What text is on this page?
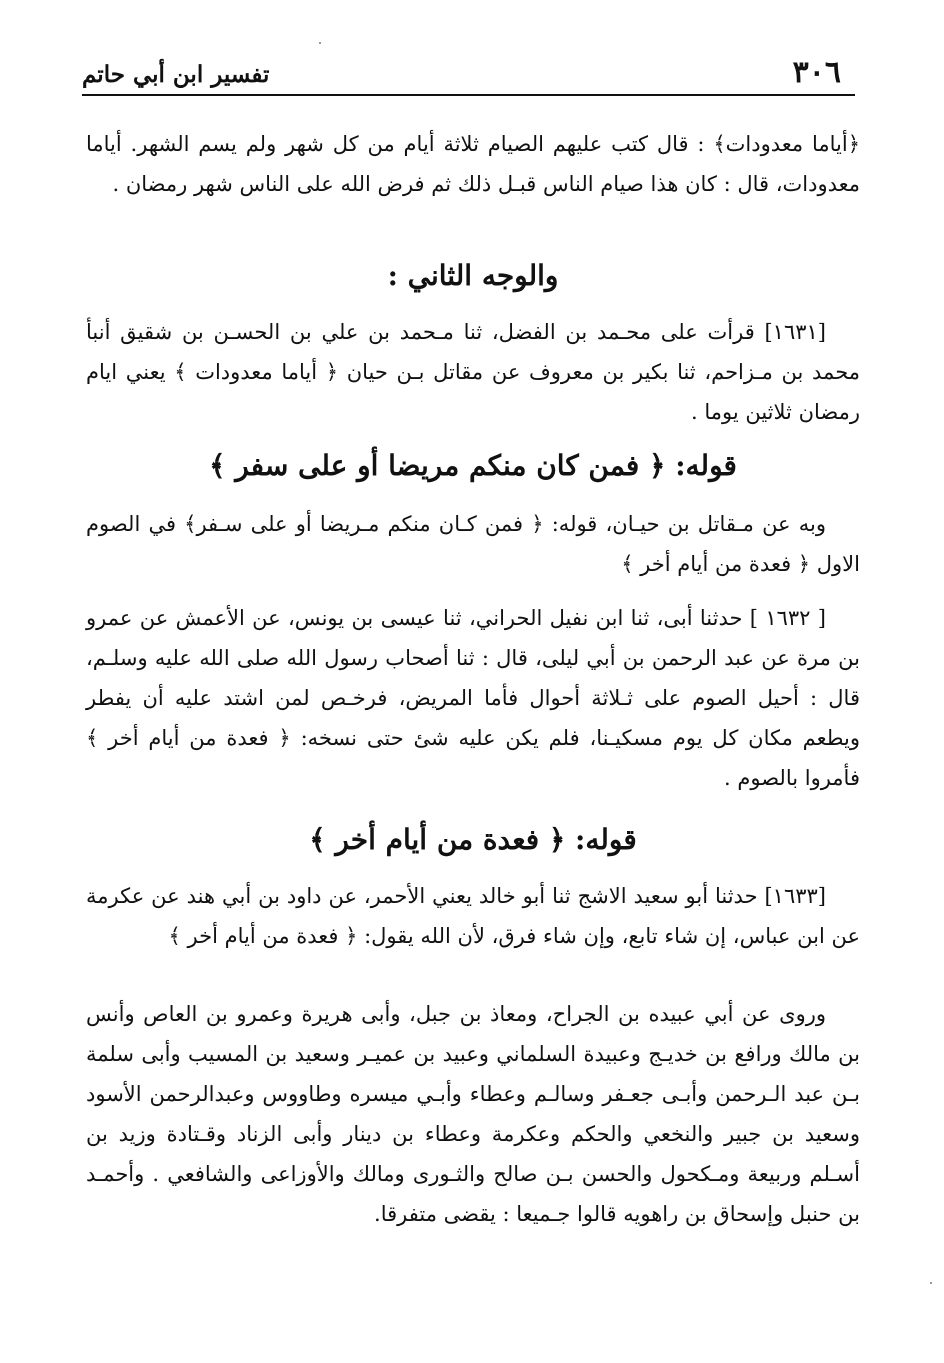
٣٠٦
تفسير ابن أبي حاتم

﴿أياما معدودات﴾ : قال كتب عليهم الصيام ثلاثة أيام من كل شهر ولم يسم الشهر. أياما معدودات، قال : كان هذا صيام الناس قبـل ذلك ثم فرض الله على الناس شهر رمضان .

والوجه الثاني :

[١٦٣١] قرأت على محـمد بن الفضل، ثنا مـحمد بن علي بن الحسـن بن شقيق أنبأ محمد بن مـزاحم، ثنا بكير بن معروف عن مقاتل بـن حيان ﴿ أياما معدودات ﴾ يعني ايام رمضان ثلاثين يوما .

قوله: ﴿ فمن كان منكم مريضا أو على سفر ﴾

وبه عن مـقاتل بن حيـان، قوله: ﴿ فمن كـان منكم مـريضا أو على سـفر﴾ في الصوم الاول ﴿ فعدة من أيام أخر ﴾

[ ١٦٣٢ ] حدثنا أبى، ثنا ابن نفيل الحراني، ثنا عيسى بن يونس، عن الأعمش عن عمرو بن مرة عن عبد الرحمن بن أبي ليلى، قال : ثنا أصحاب رسول الله صلى الله عليه وسلـم، قال : أحيل الصوم على ثـلاثة أحوال فأما المريض، فرخـص لمن اشتد عليه أن يفطر ويطعم مكان كل يوم مسكيـنا، فلم يكن عليه شئ حتى نسخه: ﴿ فعدة من أيام أخر ﴾ فأمروا بالصوم .

قوله: ﴿ فعدة من أيام أخر ﴾

[١٦٣٣] حدثنا أبو سعيد الاشج ثنا أبو خالد يعني الأحمر، عن داود بن أبي هند عن عكرمة عن ابن عباس، إن شاء تابع، وإن شاء فرق، لأن الله يقول: ﴿ فعدة من أيام أخر ﴾

وروى عن أبي عبيده بن الجراح، ومعاذ بن جبل، وأبى هريرة وعمرو بن العاص وأنس بن مالك ورافع بن خديـج وعبيدة السلماني وعبيد بن عميـر وسعيد بن المسيب وأبى سلمة بـن عبد الـرحمن وأبـى جعـفر وسالـم وعطاء وأبـي ميسره وطاووس وعبدالرحمن الأسود وسعيد بن جبير والنخعي والحكم وعكرمة وعطاء بن دينار وأبى الزناد وقـتادة وزيد بن أسـلم وربيعة ومـكحول والحسن بـن صالح والثـورى ومالك والأوزاعى والشافعي . وأحمـد بن حنبل وإسحاق بن راهويه قالوا جـميعا : يقضى متفرقا.
